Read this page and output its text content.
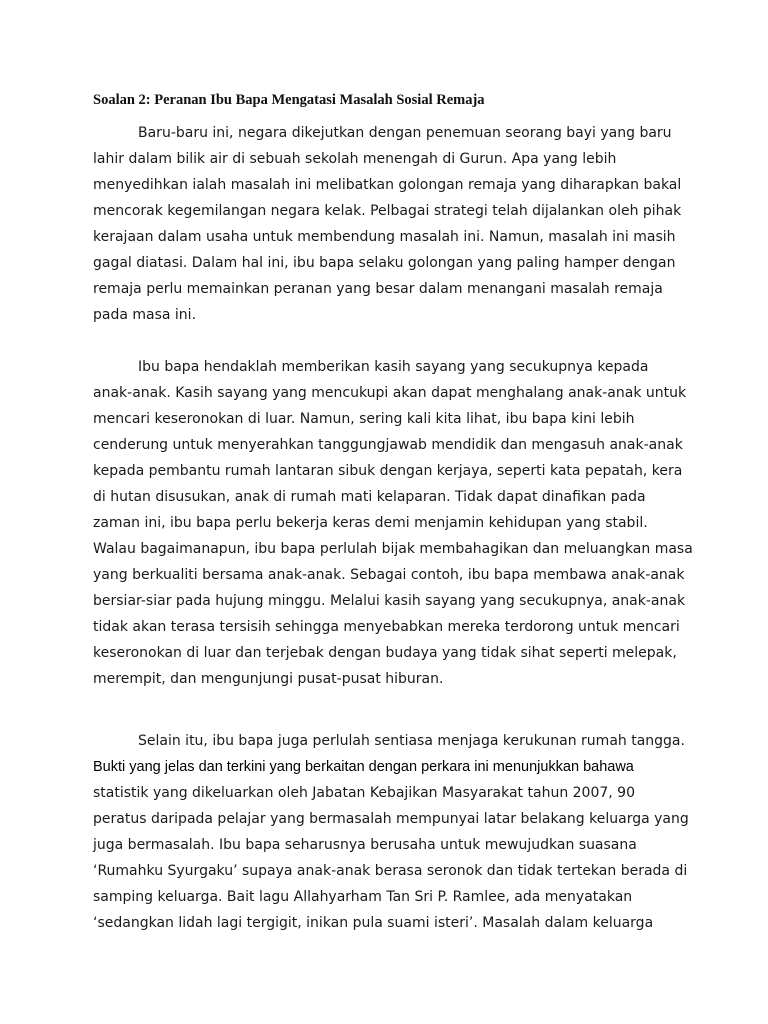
Soalan 2: Peranan Ibu Bapa Mengatasi Masalah Sosial Remaja
Baru-baru ini, negara dikejutkan dengan penemuan seorang bayi yang baru
lahir dalam bilik air di sebuah sekolah menengah di Gurun. Apa yang lebih
menyedihkan ialah masalah ini melibatkan golongan remaja yang diharapkan bakal
mencorak kegemilangan negara kelak. Pelbagai strategi telah dijalankan oleh pihak
kerajaan dalam usaha untuk membendung masalah ini. Namun, masalah ini masih
gagal diatasi. Dalam hal ini, ibu bapa selaku golongan yang paling hamper dengan
remaja perlu memainkan peranan yang besar dalam menangani masalah remaja
pada masa ini.
Ibu bapa hendaklah memberikan kasih sayang yang secukupnya kepada
anak-anak. Kasih sayang yang mencukupi akan dapat menghalang anak-anak untuk
mencari keseronokan di luar. Namun, sering kali kita lihat, ibu bapa kini lebih
cenderung untuk menyerahkan tanggungjawab mendidik dan mengasuh anak-anak
kepada pembantu rumah lantaran sibuk dengan kerjaya, seperti kata pepatah, kera
di hutan disusukan, anak di rumah mati kelaparan. Tidak dapat dinafikan pada
zaman ini, ibu bapa perlu bekerja keras demi menjamin kehidupan yang stabil.
Walau bagaimanapun, ibu bapa perlulah bijak membahagikan dan meluangkan masa
yang berkualiti bersama anak-anak. Sebagai contoh, ibu bapa membawa anak-anak
bersiar-siar pada hujung minggu. Melalui kasih sayang yang secukupnya, anak-anak
tidak akan terasa tersisih sehingga menyebabkan mereka terdorong untuk mencari
keseronokan di luar dan terjebak dengan budaya yang tidak sihat seperti melepak,
merempit, dan mengunjungi pusat-pusat hiburan.
Selain itu, ibu bapa juga perlulah sentiasa menjaga kerukunan rumah tangga.
Bukti yang jelas dan terkini yang berkaitan dengan perkara ini menunjukkan bahawa
statistik yang dikeluarkan oleh Jabatan Kebajikan Masyarakat tahun 2007, 90
peratus daripada pelajar yang bermasalah mempunyai latar belakang keluarga yang
juga bermasalah. Ibu bapa seharusnya berusaha untuk mewujudkan suasana
‘Rumahku Syurgaku’ supaya anak-anak berasa seronok dan tidak tertekan berada di
samping keluarga. Bait lagu Allahyarham Tan Sri P. Ramlee, ada menyatakan
‘sedangkan lidah lagi tergigit, inikan pula suami isteri’. Masalah dalam keluarga
